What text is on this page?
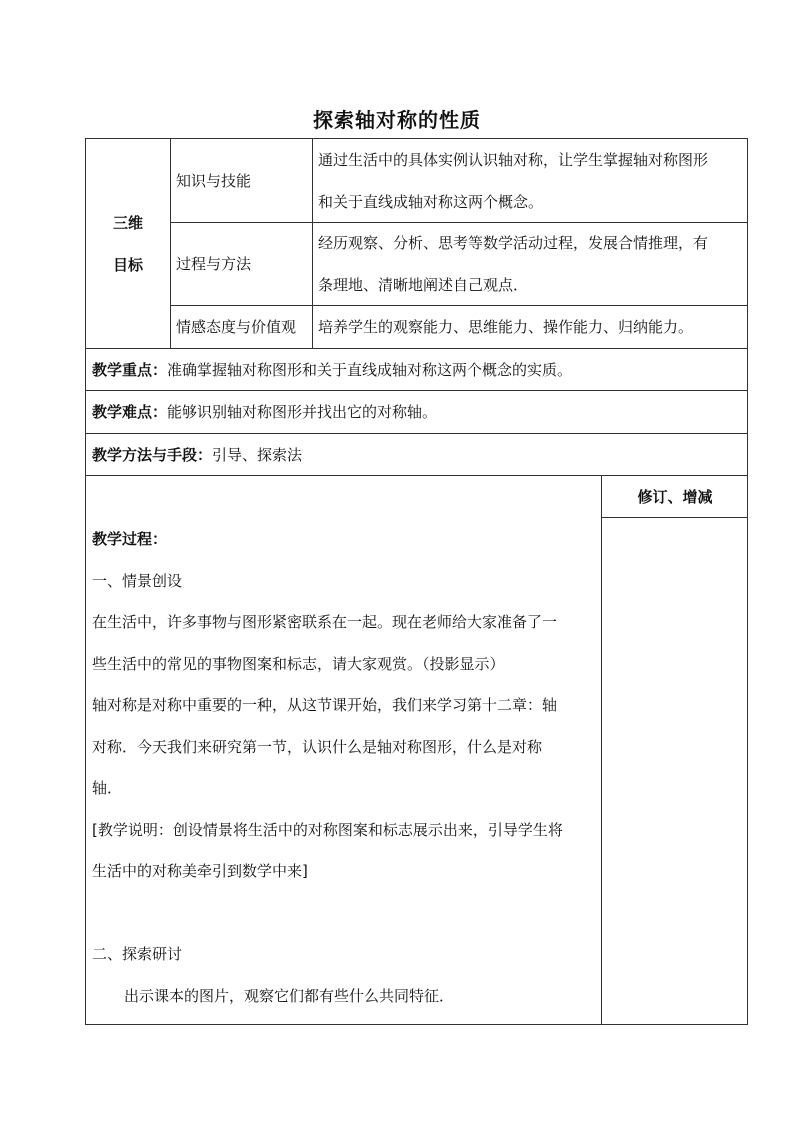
探索轴对称的性质
三维
目标
知识与技能
通过生活中的具体实例认识轴对称，让学生掌握轴对称图形
和关于直线成轴对称这两个概念。
过程与方法
经历观察、分析、思考等数学活动过程，发展合情推理，有
条理地、清晰地阐述自己观点．
情感态度与价值观 培养学生的观察能力、思维能力、操作能力、归纳能力。
教学重点： 准确掌握轴对称图形和关于直线成轴对称这两个概念的实质。
教学难点： 能够识别轴对称图形并找出它的对称轴。
教学方法与手段： 引导、探索法
修订、增减
教学过程：
一、情景创设
在生活中，许多事物与图形紧密联系在一起。现在老师给大家准备了一
些生活中的常见的事物图案和标志，请大家观赏。（投影显示）
轴对称是对称中重要的一种，从这节课开始，我们来学习第十二章：轴
对称．今天我们来研究第一节，认识什么是轴对称图形，什么是对称
轴．
[教学说明：创设情景将生活中的对称图案和标志展示出来，引导学生将
生活中的对称美牵引到数学中来]

二、探索研讨
出示课本的图片，观察它们都有些什么共同特征．
